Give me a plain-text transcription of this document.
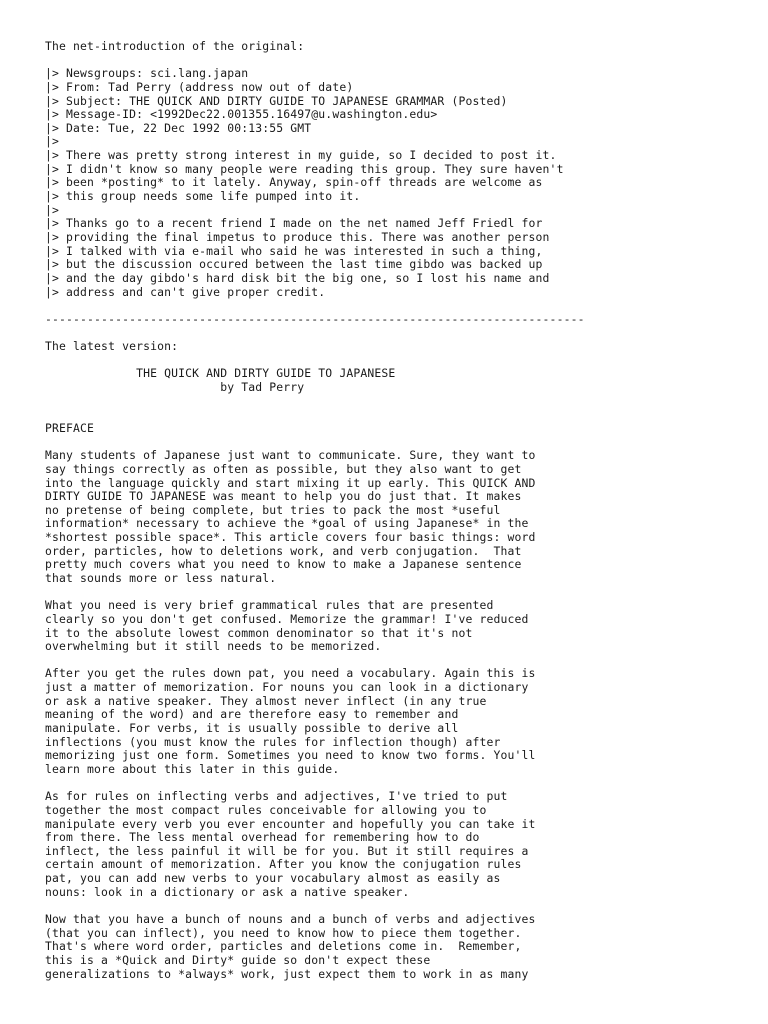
The net-introduction of the original:
|> Newsgroups: sci.lang.japan
|> From: Tad Perry (address now out of date)
|> Subject: THE QUICK AND DIRTY GUIDE TO JAPANESE GRAMMAR (Posted)
|> Message-ID: <1992Dec22.001355.16497@u.washington.edu>
|> Date: Tue, 22 Dec 1992 00:13:55 GMT
|>
|> There was pretty strong interest in my guide, so I decided to post it.
|> I didn't know so many people were reading this group. They sure haven't
|> been *posting* to it lately. Anyway, spin-off threads are welcome as
|> this group needs some life pumped into it.
|>
|> Thanks go to a recent friend I made on the net named Jeff Friedl for
|> providing the final impetus to produce this. There was another person
|> I talked with via e-mail who said he was interested in such a thing,
|> but the discussion occured between the last time gibdo was backed up
|> and the day gibdo's hard disk bit the big one, so I lost his name and
|> address and can't give proper credit.
-----------------------------------------------------------------------------
The latest version:
THE QUICK AND DIRTY GUIDE TO JAPANESE
by Tad Perry
PREFACE
Many students of Japanese just want to communicate. Sure, they want to
say things correctly as often as possible, but they also want to get
into the language quickly and start mixing it up early. This QUICK AND
DIRTY GUIDE TO JAPANESE was meant to help you do just that. It makes
no pretense of being complete, but tries to pack the most *useful
information* necessary to achieve the *goal of using Japanese* in the
*shortest possible space*. This article covers four basic things: word
order, particles, how to deletions work, and verb conjugation.  That
pretty much covers what you need to know to make a Japanese sentence
that sounds more or less natural.
What you need is very brief grammatical rules that are presented
clearly so you don't get confused. Memorize the grammar! I've reduced
it to the absolute lowest common denominator so that it's not
overwhelming but it still needs to be memorized.
After you get the rules down pat, you need a vocabulary. Again this is
just a matter of memorization. For nouns you can look in a dictionary
or ask a native speaker. They almost never inflect (in any true
meaning of the word) and are therefore easy to remember and
manipulate. For verbs, it is usually possible to derive all
inflections (you must know the rules for inflection though) after
memorizing just one form. Sometimes you need to know two forms. You'll
learn more about this later in this guide.
As for rules on inflecting verbs and adjectives, I've tried to put
together the most compact rules conceivable for allowing you to
manipulate every verb you ever encounter and hopefully you can take it
from there. The less mental overhead for remembering how to do
inflect, the less painful it will be for you. But it still requires a
certain amount of memorization. After you know the conjugation rules
pat, you can add new verbs to your vocabulary almost as easily as
nouns: look in a dictionary or ask a native speaker.
Now that you have a bunch of nouns and a bunch of verbs and adjectives
(that you can inflect), you need to know how to piece them together.
That's where word order, particles and deletions come in.  Remember,
this is a *Quick and Dirty* guide so don't expect these
generalizations to *always* work, just expect them to work in as many
